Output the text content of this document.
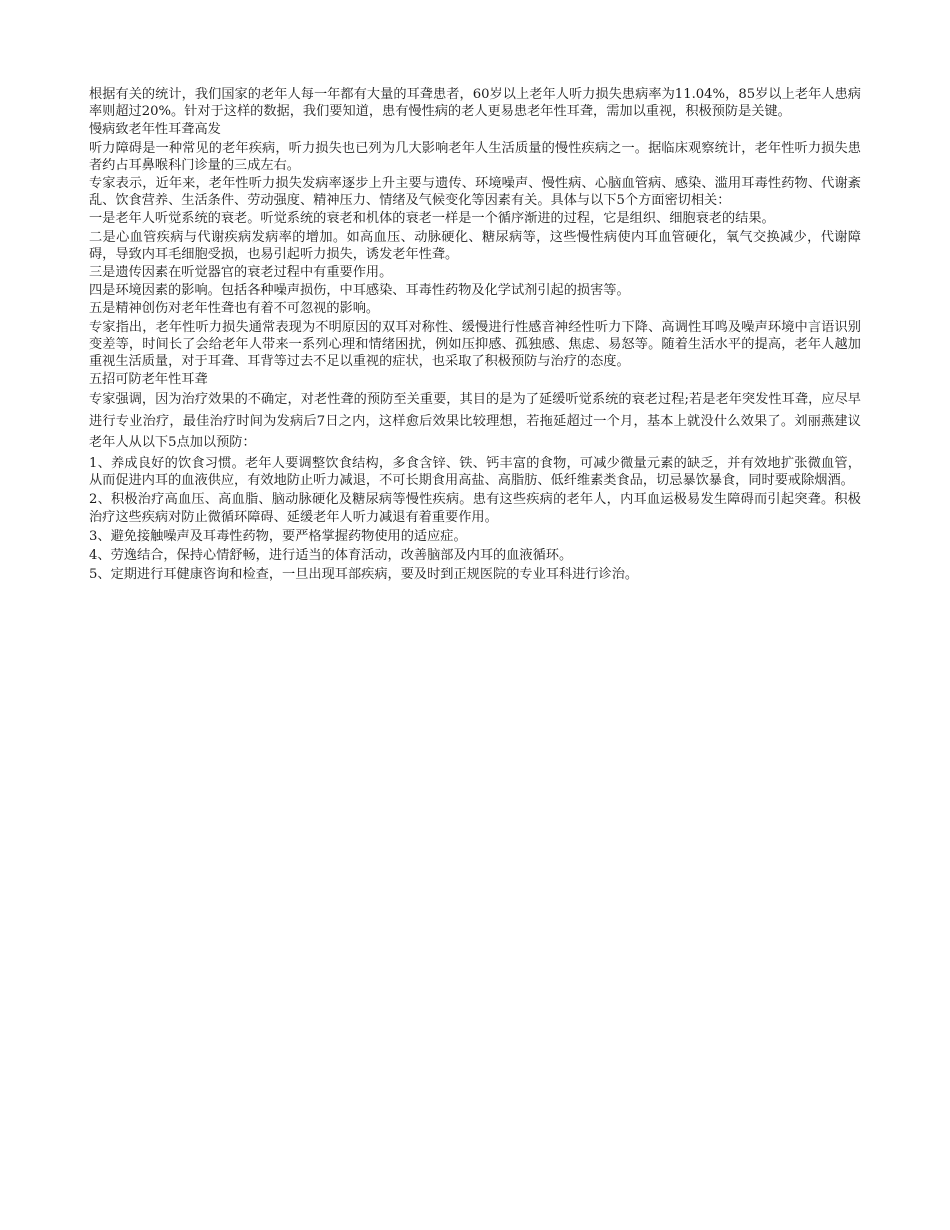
根据有关的统计，我们国家的老年人每一年都有大量的耳聋患者，60岁以上老年人听力损失患病率为11.04%，85岁以上老年人患病率则超过20%。针对于这样的数据，我们要知道，患有慢性病的老人更易患老年性耳聋，需加以重视，积极预防是关键。

慢病致老年性耳聋高发

听力障碍是一种常见的老年疾病，听力损失也已列为几大影响老年人生活质量的慢性疾病之一。据临床观察统计，老年性听力损失患者约占耳鼻喉科门诊量的三成左右。

专家表示，近年来，老年性听力损失发病率逐步上升主要与遗传、环境噪声、慢性病、心脑血管病、感染、滥用耳毒性药物、代谢紊乱、饮食营养、生活条件、劳动强度、精神压力、情绪及气候变化等因素有关。具体与以下5个方面密切相关：

一是老年人听觉系统的衰老。听觉系统的衰老和机体的衰老一样是一个循序渐进的过程，它是组织、细胞衰老的结果。

二是心血管疾病与代谢疾病发病率的增加。如高血压、动脉硬化、糖尿病等，这些慢性病使内耳血管硬化，氧气交换减少，代谢障碍，导致内耳毛细胞受损，也易引起听力损失，诱发老年性聋。

三是遗传因素在听觉器官的衰老过程中有重要作用。

四是环境因素的影响。包括各种噪声损伤，中耳感染、耳毒性药物及化学试剂引起的损害等。

五是精神创伤对老年性聋也有着不可忽视的影响。

专家指出，老年性听力损失通常表现为不明原因的双耳对称性、缓慢进行性感音神经性听力下降、高调性耳鸣及噪声环境中言语识别变差等，时间长了会给老年人带来一系列心理和情绪困扰，例如压抑感、孤独感、焦虑、易怒等。随着生活水平的提高，老年人越加重视生活质量，对于耳聋、耳背等过去不足以重视的症状，也采取了积极预防与治疗的态度。

五招可防老年性耳聋

专家强调，因为治疗效果的不确定，对老性聋的预防至关重要，其目的是为了延缓听觉系统的衰老过程;若是老年突发性耳聋，应尽早进行专业治疗，最佳治疗时间为发病后7日之内，这样愈后效果比较理想，若拖延超过一个月，基本上就没什么效果了。刘丽燕建议老年人从以下5点加以预防：

1、养成良好的饮食习惯。老年人要调整饮食结构，多食含锌、铁、钙丰富的食物，可减少微量元素的缺乏，并有效地扩张微血管，从而促进内耳的血液供应，有效地防止听力减退，不可长期食用高盐、高脂肪、低纤维素类食品，切忌暴饮暴食，同时要戒除烟酒。

2、积极治疗高血压、高血脂、脑动脉硬化及糖尿病等慢性疾病。患有这些疾病的老年人，内耳血运极易发生障碍而引起突聋。积极治疗这些疾病对防止微循环障碍、延缓老年人听力减退有着重要作用。

3、避免接触噪声及耳毒性药物，要严格掌握药物使用的适应症。

4、劳逸结合，保持心情舒畅，进行适当的体育活动，改善脑部及内耳的血液循环。

5、定期进行耳健康咨询和检查，一旦出现耳部疾病，要及时到正规医院的专业耳科进行诊治。
